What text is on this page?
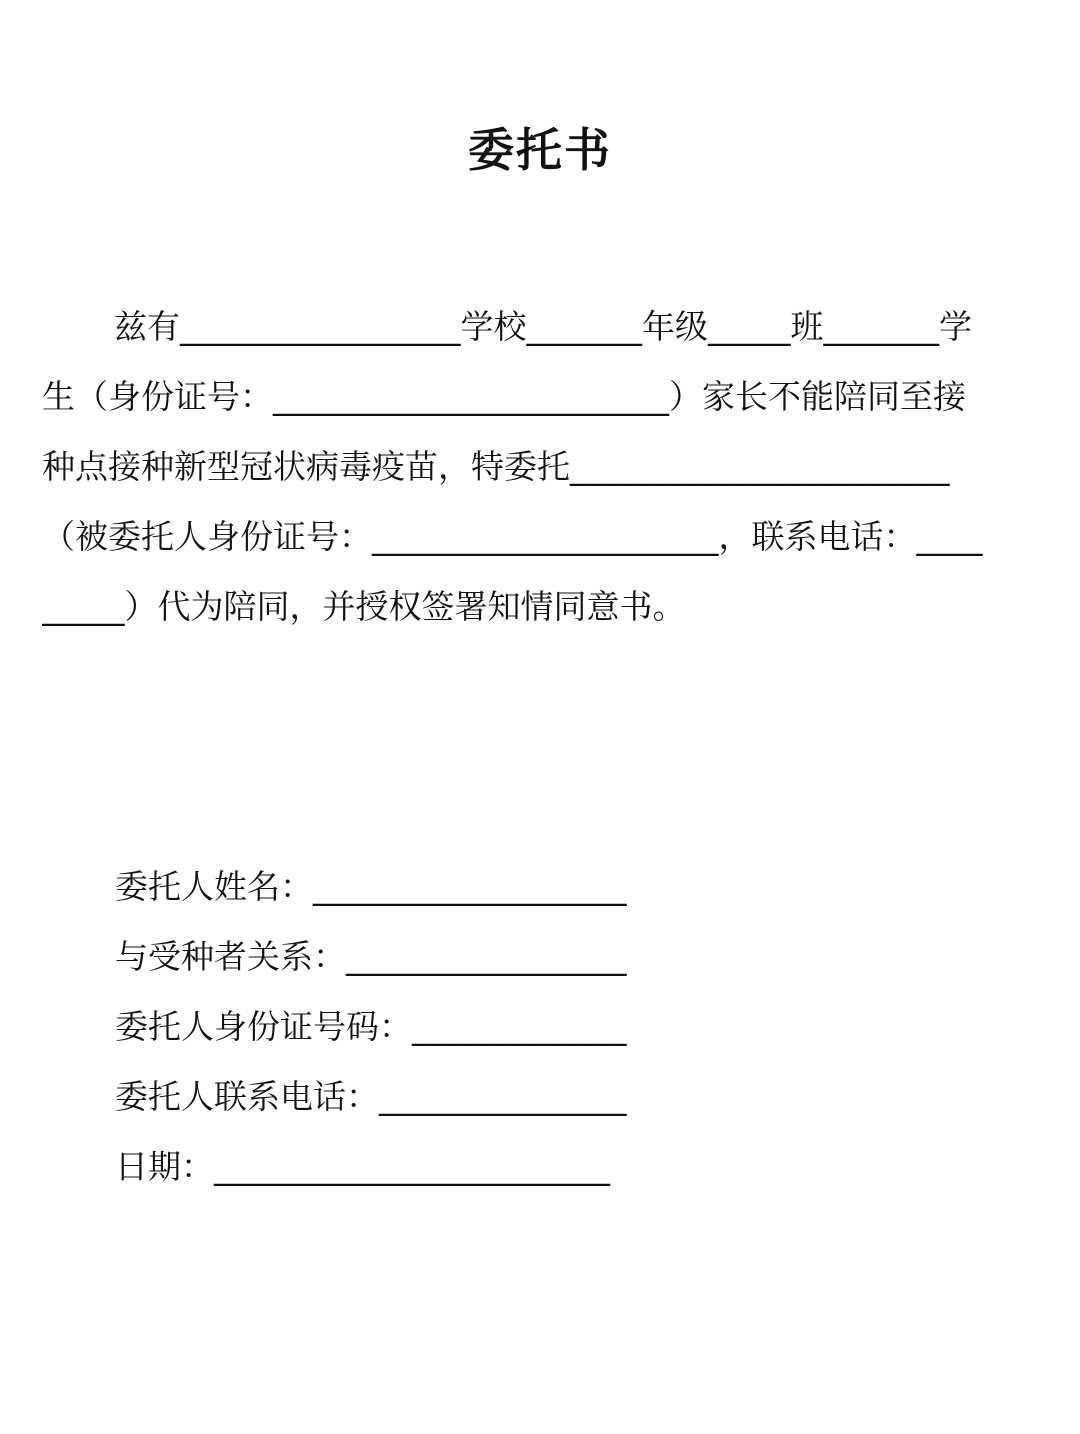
委托书
兹有_________________学校_______年级_____班_______学
生（身份证号：________________________）家长不能陪同至接
种点接种新型冠状病毒疫苗，特委托_______________________
（被委托人身份证号：_____________________，联系电话：____
_____）代为陪同，并授权签署知情同意书。
委托人姓名：___________________
与受种者关系：_________________
委托人身份证号码：_____________
委托人联系电话：_______________
日期：________________________
